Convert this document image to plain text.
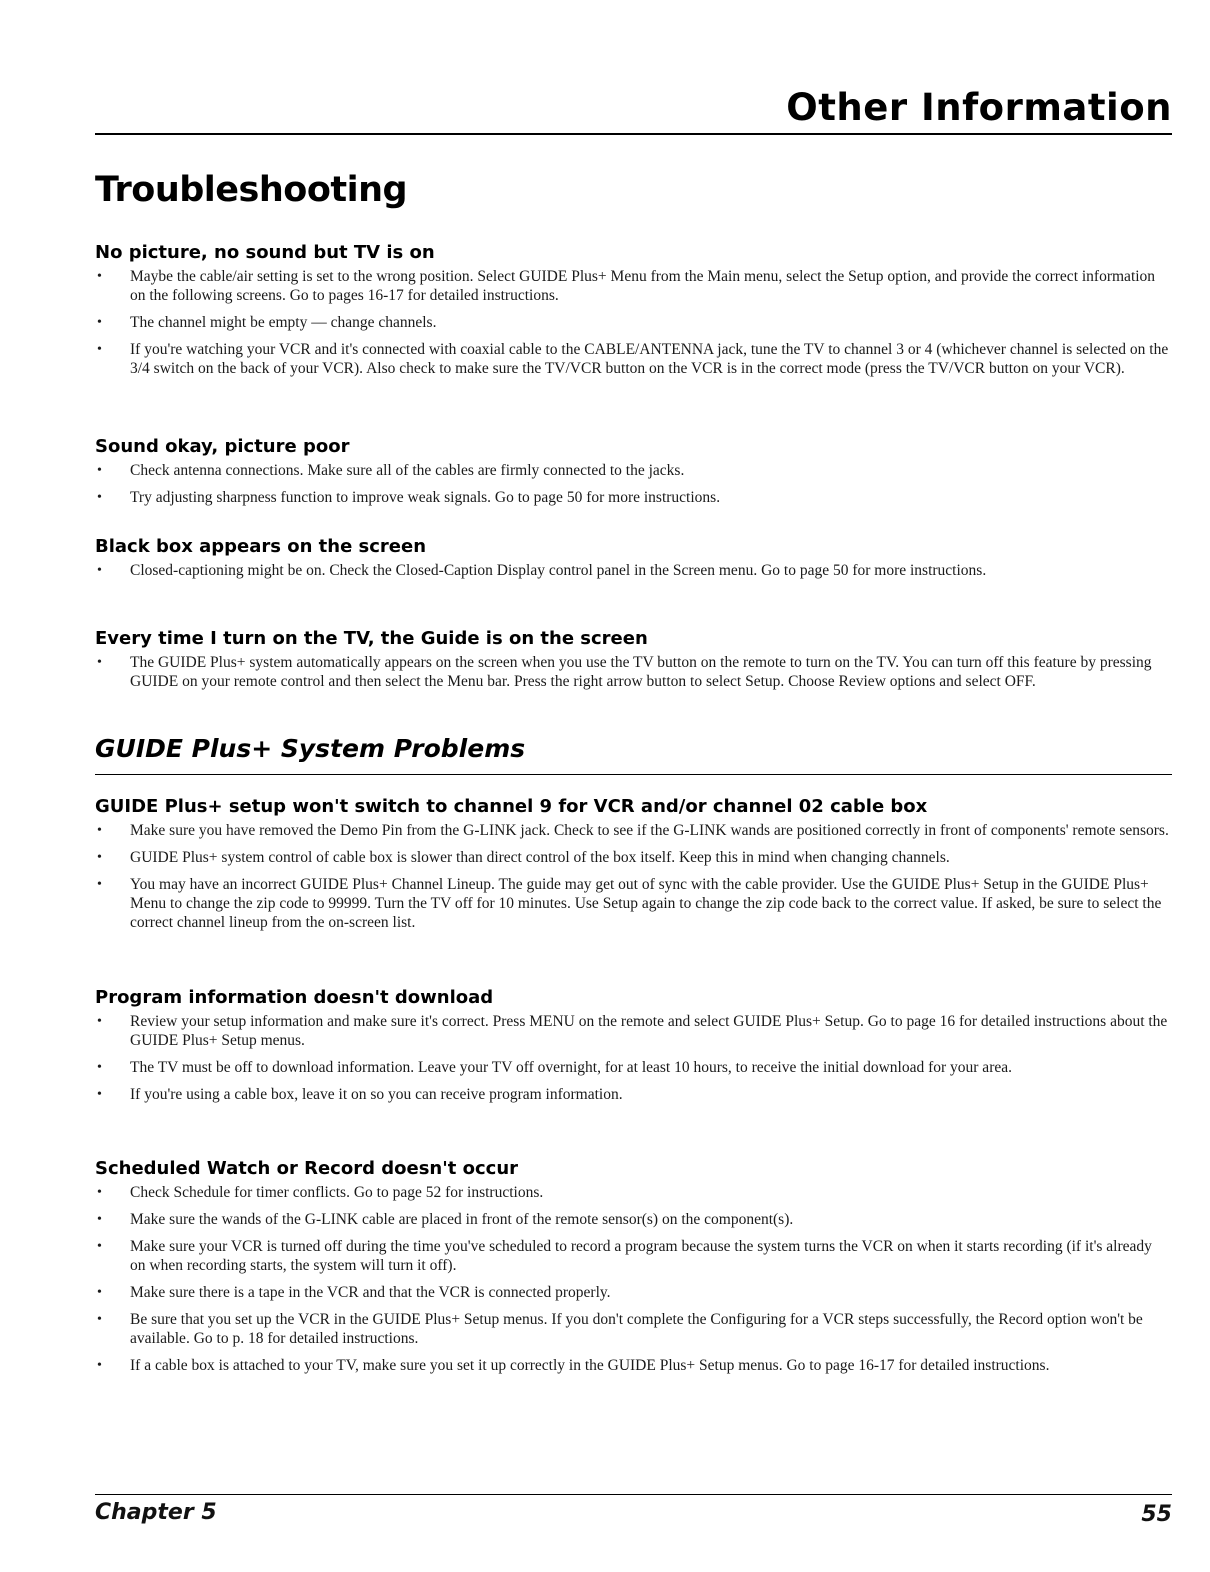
Other Information
Troubleshooting
No picture, no sound but TV is on
• Maybe the cable/air setting is set to the wrong position. Select GUIDE Plus+ Menu from the Main menu, select the Setup option, and provide the correct information on the following screens. Go to pages 16-17 for detailed instructions.
• The channel might be empty — change channels.
• If you're watching your VCR and it's connected with coaxial cable to the CABLE/ANTENNA jack, tune the TV to channel 3 or 4 (whichever channel is selected on the 3/4 switch on the back of your VCR). Also check to make sure the TV/VCR button on the VCR is in the correct mode (press the TV/VCR button on your VCR).
Sound okay, picture poor
• Check antenna connections. Make sure all of the cables are firmly connected to the jacks.
• Try adjusting sharpness function to improve weak signals. Go to page 50 for more instructions.
Black box appears on the screen
• Closed-captioning might be on. Check the Closed-Caption Display control panel in the Screen menu. Go to page 50 for more instructions.
Every time I turn on the TV, the Guide is on the screen
• The GUIDE Plus+ system automatically appears on the screen when you use the TV button on the remote to turn on the TV. You can turn off this feature by pressing GUIDE on your remote control and then select the Menu bar. Press the right arrow button to select Setup. Choose Review options and select OFF.
GUIDE Plus+ System Problems
GUIDE Plus+ setup won't switch to channel 9 for VCR and/or channel 02 cable box
• Make sure you have removed the Demo Pin from the G-LINK jack. Check to see if the G-LINK wands are positioned correctly in front of components' remote sensors.
• GUIDE Plus+ system control of cable box is slower than direct control of the box itself. Keep this in mind when changing channels.
• You may have an incorrect GUIDE Plus+ Channel Lineup. The guide may get out of sync with the cable provider. Use the GUIDE Plus+ Setup in the GUIDE Plus+ Menu to change the zip code to 99999. Turn the TV off for 10 minutes. Use Setup again to change the zip code back to the correct value. If asked, be sure to select the correct channel lineup from the on-screen list.
Program information doesn't download
• Review your setup information and make sure it's correct. Press MENU on the remote and select GUIDE Plus+ Setup. Go to page 16 for detailed instructions about the GUIDE Plus+ Setup menus.
• The TV must be off to download information. Leave your TV off overnight, for at least 10 hours, to receive the initial download for your area.
• If you're using a cable box, leave it on so you can receive program information.
Scheduled Watch or Record doesn't occur
• Check Schedule for timer conflicts. Go to page 52 for instructions.
• Make sure the wands of the G-LINK cable are placed in front of the remote sensor(s) on the component(s).
• Make sure your VCR is turned off during the time you've scheduled to record a program because the system turns the VCR on when it starts recording (if it's already on when recording starts, the system will turn it off).
• Make sure there is a tape in the VCR and that the VCR is connected properly.
• Be sure that you set up the VCR in the GUIDE Plus+ Setup menus. If you don't complete the Configuring for a VCR steps successfully, the Record option won't be available. Go to p. 18 for detailed instructions.
• If a cable box is attached to your TV, make sure you set it up correctly in the GUIDE Plus+ Setup menus. Go to page 16-17 for detailed instructions.

Chapter 5	55
